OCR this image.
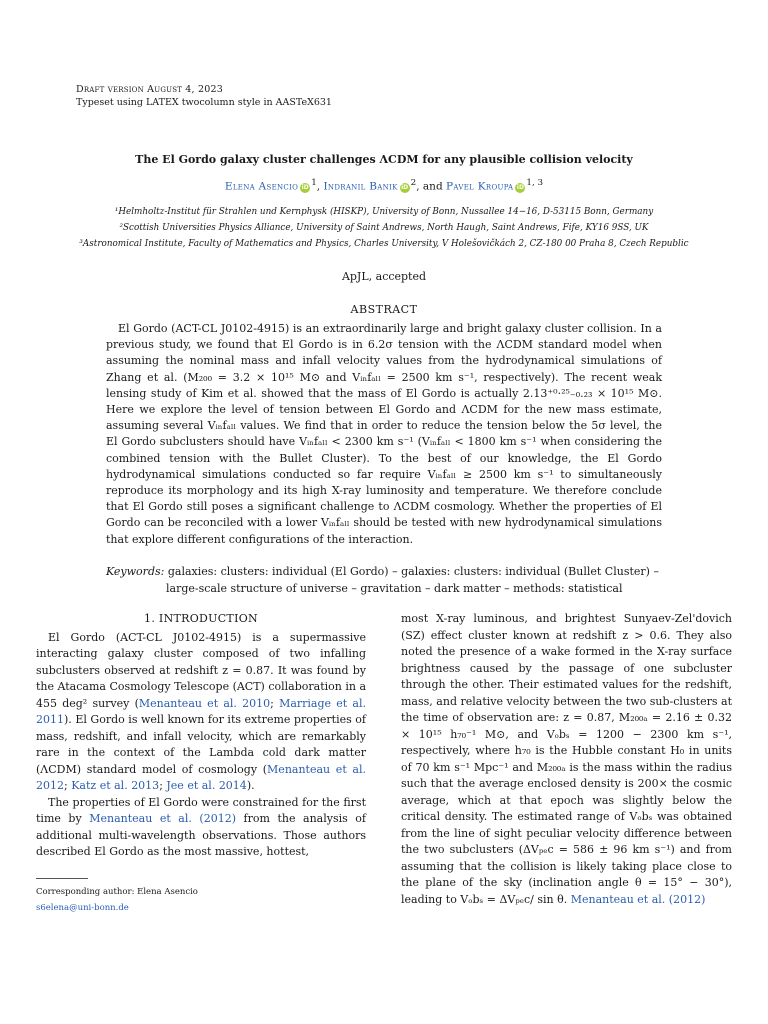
Draft version August 4, 2023
Typeset using LATEX twocolumn style in AASTeX631
The El Gordo galaxy cluster challenges ΛCDM for any plausible collision velocity
Elena Asencio iD $^1$, Indranil Banik iD $^2$, and Pavel Kroupa iD $^{1, 3}$
¹Helmholtz-Institut für Strahlen und Kernphysk (HISKP), University of Bonn, Nussallee 14−16, D-53115 Bonn, Germany
²Scottish Universities Physics Alliance, University of Saint Andrews, North Haugh, Saint Andrews, Fife, KY16 9SS, UK
³Astronomical Institute, Faculty of Mathematics and Physics, Charles University, V Holešovičkách 2, CZ-180 00 Praha 8, Czech Republic
ApJL, accepted
ABSTRACT
El Gordo (ACT-CL J0102-4915) is an extraordinarily large and bright galaxy cluster collision. In a previous study, we found that El Gordo is in 6.2σ tension with the ΛCDM standard model when assuming the nominal mass and infall velocity values from the hydrodynamical simulations of Zhang et al. (M₂₀₀ = 3.2 × 10¹⁵ M⊙ and Vᵢₙfₐₗₗ = 2500 km s⁻¹, respectively). The recent weak lensing study of Kim et al. showed that the mass of El Gordo is actually 2.13⁺⁰·²⁵₋₀.₂₃ × 10¹⁵ M⊙. Here we explore the level of tension between El Gordo and ΛCDM for the new mass estimate, assuming several Vᵢₙfₐₗₗ values. We find that in order to reduce the tension below the 5σ level, the El Gordo subclusters should have Vᵢₙfₐₗₗ < 2300 km s⁻¹ (Vᵢₙfₐₗₗ < 1800 km s⁻¹ when considering the combined tension with the Bullet Cluster). To the best of our knowledge, the El Gordo hydrodynamical simulations conducted so far require Vᵢₙfₐₗₗ ≥ 2500 km s⁻¹ to simultaneously reproduce its morphology and its high X-ray luminosity and temperature. We therefore conclude that El Gordo still poses a significant challenge to ΛCDM cosmology. Whether the properties of El Gordo can be reconciled with a lower Vᵢₙfₐₗₗ should be tested with new hydrodynamical simulations that explore different configurations of the interaction.
Keywords: galaxies: clusters: individual (El Gordo) – galaxies: clusters: individual (Bullet Cluster) –
large-scale structure of universe – gravitation – dark matter – methods: statistical
1. INTRODUCTION

El Gordo (ACT-CL J0102-4915) is a supermassive interacting galaxy cluster composed of two infalling subclusters observed at redshift z = 0.87. It was found by the Atacama Cosmology Telescope (ACT) collaboration in a 455 deg² survey (Menanteau et al. 2010; Marriage et al. 2011). El Gordo is well known for its extreme properties of mass, redshift, and infall velocity, which are remarkably rare in the context of the Lambda cold dark matter (ΛCDM) standard model of cosmology (Menanteau et al. 2012; Katz et al. 2013; Jee et al. 2014).

The properties of El Gordo were constrained for the first time by Menanteau et al. (2012) from the analysis of additional multi-wavelength observations. Those authors described El Gordo as the most massive, hottest,

Corresponding author: Elena Asencio
s6elena@uni-bonn.de

most X-ray luminous, and brightest Sunyaev-Zel'dovich (SZ) effect cluster known at redshift z > 0.6. They also noted the presence of a wake formed in the X-ray surface brightness caused by the passage of one subcluster through the other. Their estimated values for the redshift, mass, and relative velocity between the two sub-clusters at the time of observation are: z = 0.87, M₂₀₀ₐ = 2.16 ± 0.32 × 10¹⁵ h₇₀⁻¹ M⊙, and Vₒbₛ = 1200 − 2300 km s⁻¹, respectively, where h₇₀ is the Hubble constant H₀ in units of 70 km s⁻¹ Mpc⁻¹ and M₂₀₀ₐ is the mass within the radius such that the average enclosed density is 200× the cosmic average, which at that epoch was slightly below the critical density. The estimated range of Vₒbₛ was obtained from the line of sight peculiar velocity difference between the two subclusters (ΔVₚₑc = 586 ± 96 km s⁻¹) and from assuming that the collision is likely taking place close to the plane of the sky (inclination angle θ = 15° − 30°), leading to Vₒbₛ = ΔVₚₑc/ sin θ. Menanteau et al. (2012)
